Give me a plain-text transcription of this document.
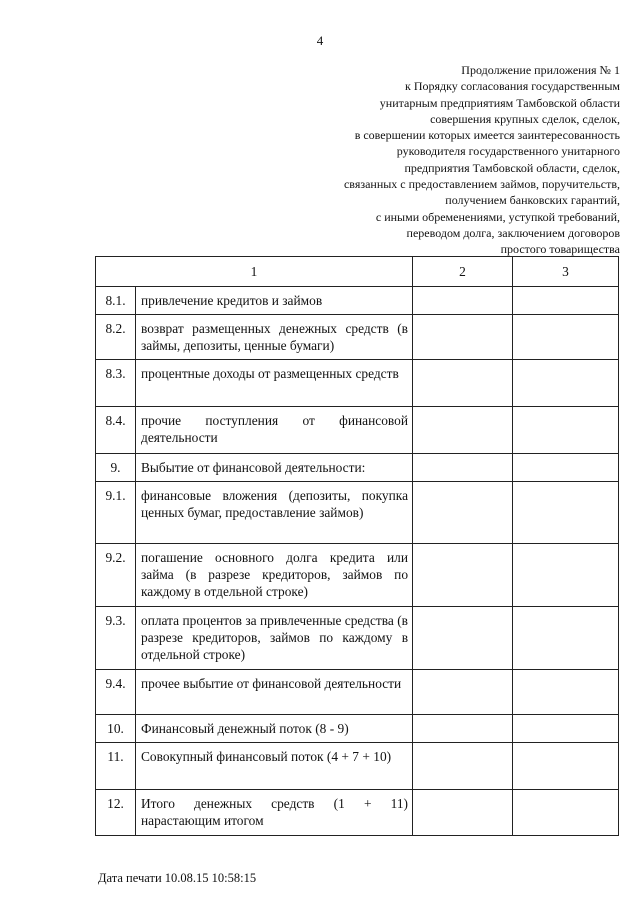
4
Продолжение приложения № 1
к Порядку согласования государственным
унитарным предприятиям Тамбовской области
совершения крупных сделок, сделок,
в совершении которых имеется заинтересованность
руководителя государственного унитарного
предприятия Тамбовской области, сделок,
связанных с предоставлением займов, поручительств,
получением банковских гарантий,
с иными обременениями, уступкой требований,
переводом долга, заключением договоров
простого товарищества
1		2	3
8.1.	привлечение кредитов и займов		
8.2.	возврат размещенных денежных средств (в займы, депозиты, ценные бумаги)		
8.3.	процентные доходы от размещенных средств		
8.4.	прочие поступления от финансовой деятельности		
9.	Выбытие от финансовой деятельности:		
9.1.	финансовые вложения (депозиты, покупка ценных бумаг, предоставление займов)		
9.2.	погашение основного долга кредита или займа (в разрезе кредиторов, займов по каждому в отдельной строке)		
9.3.	оплата процентов за привлеченные средства (в разрезе кредиторов, займов по каждому в отдельной строке)		
9.4.	прочее выбытие от финансовой деятельности		
10.	Финансовый денежный поток (8 - 9)		
11.	Совокупный финансовый поток (4 + 7 + 10)		
12.	Итого денежных средств (1 + 11) нарастающим итогом		
Дата печати 10.08.15 10:58:15
